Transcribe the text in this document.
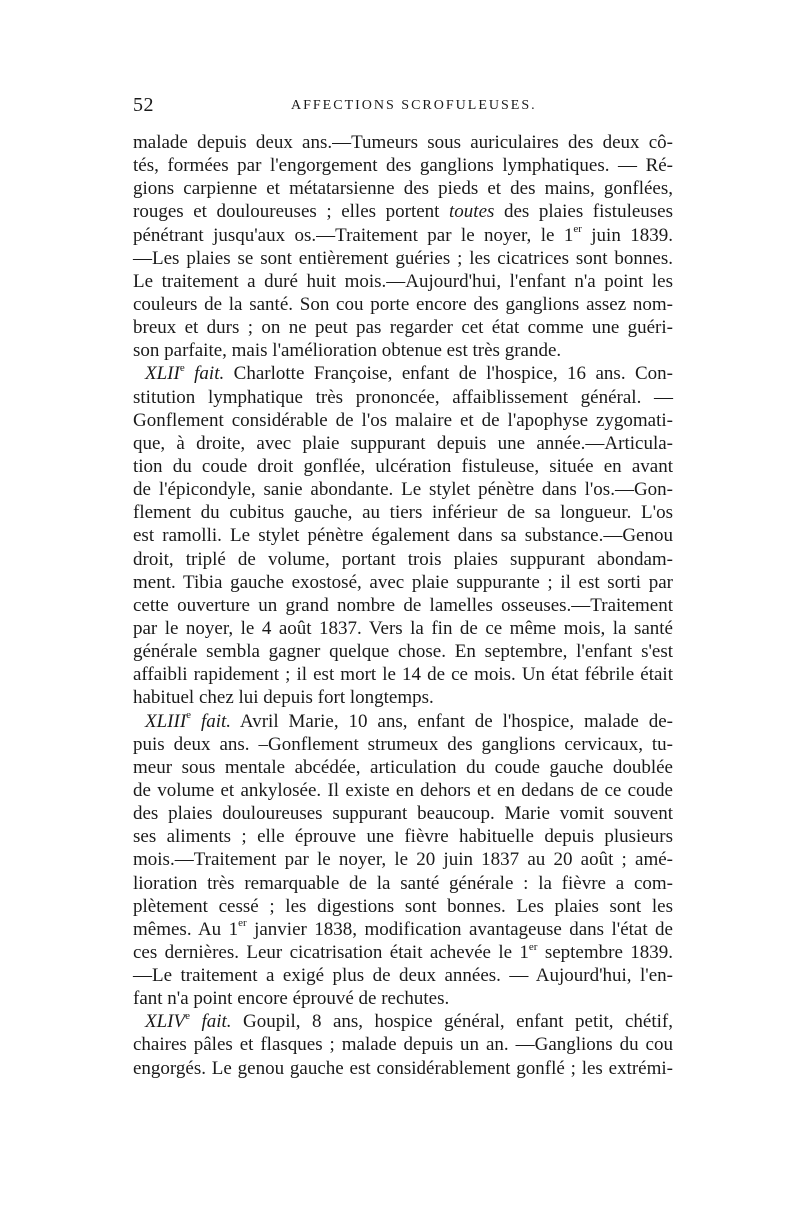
52	AFFECTIONS SCROFULEUSES.
malade depuis deux ans.—Tumeurs sous auriculaires des deux cô-
tés, formées par l'engorgement des ganglions lymphatiques. — Ré-
gions carpienne et métatarsienne des pieds et des mains, gonflées,
rouges et douloureuses ; elles portent toutes des plaies fistuleuses
pénétrant jusqu'aux os.—Traitement par le noyer, le 1er juin 1839.
—Les plaies se sont entièrement guéries ; les cicatrices sont bonnes.
Le traitement a duré huit mois.—Aujourd'hui, l'enfant n'a point les
couleurs de la santé. Son cou porte encore des ganglions assez nom-
breux et durs ; on ne peut pas regarder cet état comme une guéri-
son parfaite, mais l'amélioration obtenue est très grande.
XLIIe fait. Charlotte Françoise, enfant de l'hospice, 16 ans. Con-
stitution lymphatique très prononcée, affaiblissement général. —
Gonflement considérable de l'os malaire et de l'apophyse zygomati-
que, à droite, avec plaie suppurant depuis une année.—Articula-
tion du coude droit gonflée, ulcération fistuleuse, située en avant
de l'épicondyle, sanie abondante. Le stylet pénètre dans l'os.—Gon-
flement du cubitus gauche, au tiers inférieur de sa longueur. L'os
est ramolli. Le stylet pénètre également dans sa substance.—Genou
droit, triplé de volume, portant trois plaies suppurant abondam-
ment. Tibia gauche exostosé, avec plaie suppurante ; il est sorti par
cette ouverture un grand nombre de lamelles osseuses.—Traitement
par le noyer, le 4 août 1837. Vers la fin de ce même mois, la santé
générale sembla gagner quelque chose. En septembre, l'enfant s'est
affaibli rapidement ; il est mort le 14 de ce mois. Un état fébrile était
habituel chez lui depuis fort longtemps.
XLIIIe fait. Avril Marie, 10 ans, enfant de l'hospice, malade de-
puis deux ans. –Gonflement strumeux des ganglions cervicaux, tu-
meur sous mentale abcédée, articulation du coude gauche doublée
de volume et ankylosée. Il existe en dehors et en dedans de ce coude
des plaies douloureuses suppurant beaucoup. Marie vomit souvent
ses aliments ; elle éprouve une fièvre habituelle depuis plusieurs
mois.—Traitement par le noyer, le 20 juin 1837 au 20 août ; amé-
lioration très remarquable de la santé générale : la fièvre a com-
plètement cessé ; les digestions sont bonnes. Les plaies sont les
mêmes. Au 1er janvier 1838, modification avantageuse dans l'état de
ces dernières. Leur cicatrisation était achevée le 1er septembre 1839.
—Le traitement a exigé plus de deux années. — Aujourd'hui, l'en-
fant n'a point encore éprouvé de rechutes.
XLIVe fait. Goupil, 8 ans, hospice général, enfant petit, chétif,
chaires pâles et flasques ; malade depuis un an. —Ganglions du cou
engorgés. Le genou gauche est considérablement gonflé ; les extrémi-
